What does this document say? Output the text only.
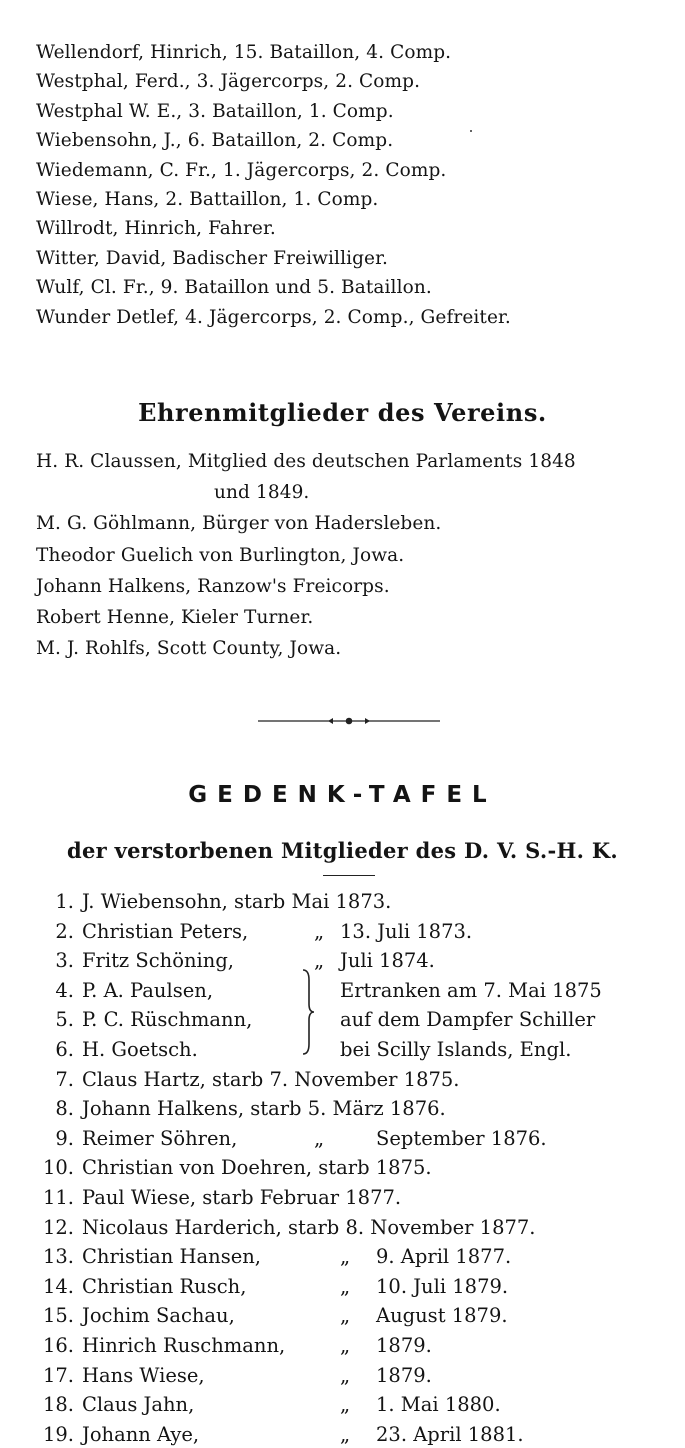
Wellendorf, Hinrich, 15. Bataillon, 4. Comp.
Westphal, Ferd., 3. Jägercorps, 2. Comp.
Westphal W. E., 3. Bataillon, 1. Comp.
Wiebensohn, J., 6. Bataillon, 2. Comp.
Wiedemann, C. Fr., 1. Jägercorps, 2. Comp.
Wiese, Hans, 2. Battaillon, 1. Comp.
Willrodt, Hinrich, Fahrer.
Witter, David, Badischer Freiwilliger.
Wulf, Cl. Fr., 9. Bataillon und 5. Bataillon.
Wunder Detlef, 4. Jägercorps, 2. Comp., Gefreiter.
Ehrenmitglieder des Vereins.
H. R. Claussen, Mitglied des deutschen Parlaments 1848
und 1849.
M. G. Göhlmann, Bürger von Hadersleben.
Theodor Guelich von Burlington, Jowa.
Johann Halkens, Ranzow's Freicorps.
Robert Henne, Kieler Turner.
M. J. Rohlfs, Scott County, Jowa.
GEDENK-TAFEL
der verstorbenen Mitglieder des D. V. S.-H. K.
1. J. Wiebensohn, starb Mai 1873.
2. Christian Peters,	„ 13. Juli 1873.
3. Fritz Schöning,	„ Juli 1874.
4. P. A. Paulsen,	Ertranken am 7. Mai 1875
5. P. C. Rüschmann,	auf dem Dampfer Schiller
6. H. Goetsch.	bei Scilly Islands, Engl.
7. Claus Hartz, starb 7. November 1875.
8. Johann Halkens, starb 5. März 1876.
9. Reimer Söhren,	„	September 1876.
10. Christian von Doehren, starb 1875.
11. Paul Wiese, starb Februar 1877.
12. Nicolaus Harderich, starb 8. November 1877.
13. Christian Hansen,	„ 9. April 1877.
14. Christian Rusch,	„ 10. Juli 1879.
15. Jochim Sachau,	„ August 1879.
16. Hinrich Ruschmann,	„ 1879.
17. Hans Wiese,	„ 1879.
18. Claus Jahn,	„ 1. Mai 1880.
19. Johann Aye,	„ 23. April 1881.
